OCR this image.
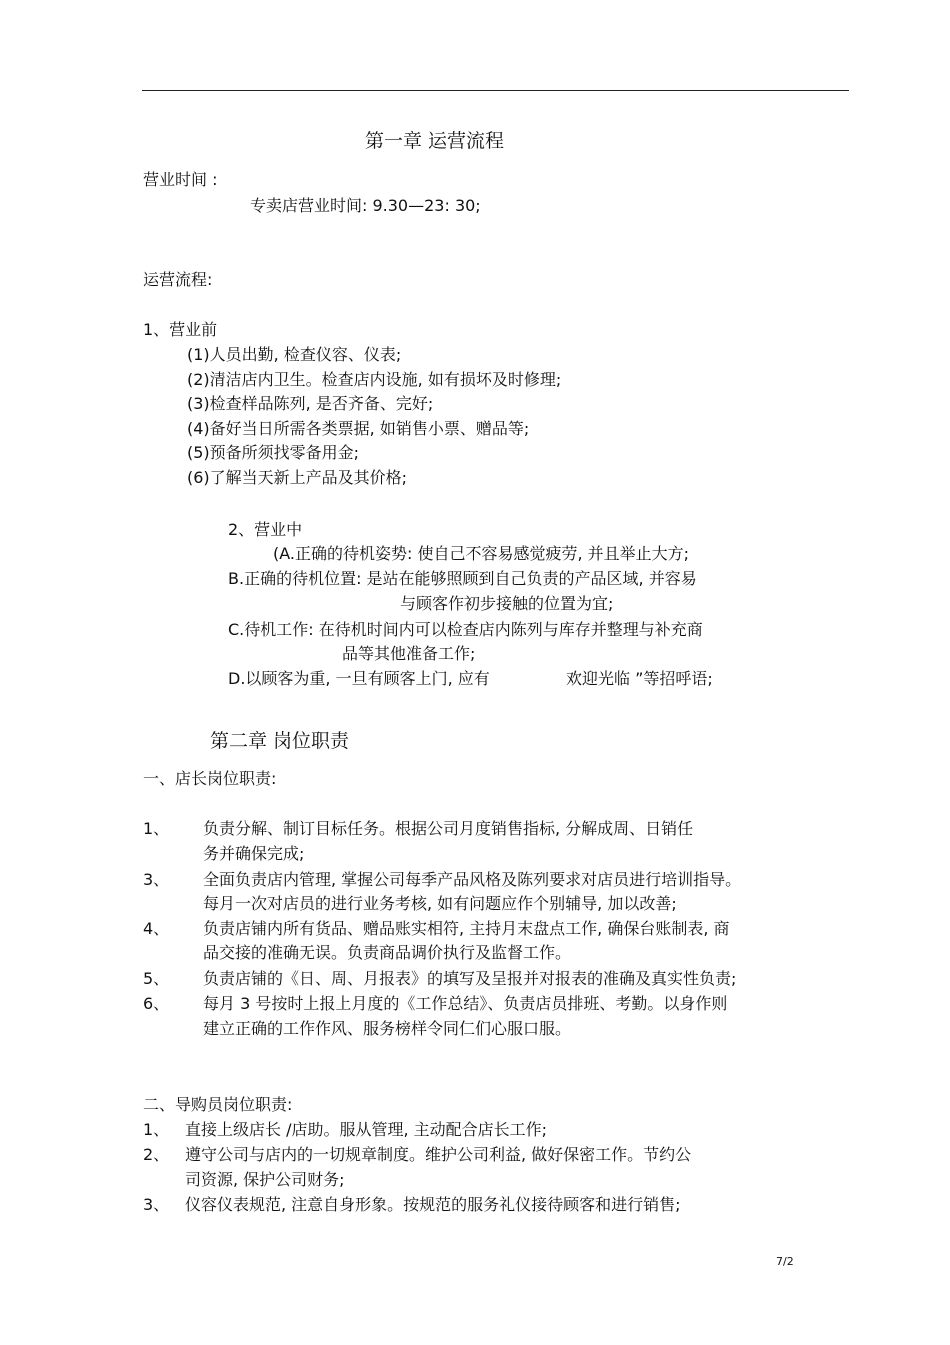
第一章 运营流程
营业时间 :
专卖店营业时间: 9.30—23: 30;
运营流程:
1、营业前
(1)人员出勤, 检查仪容、仪表;
(2)清洁店内卫生。检查店内设施, 如有损坏及时修理;
(3)检查样品陈列, 是否齐备、完好;
(4)备好当日所需各类票据, 如销售小票、赠品等;
(5)预备所须找零备用金;
(6)了解当天新上产品及其价格;
2、营业中
(A.正确的待机姿势: 使自己不容易感觉疲劳, 并且举止大方;
B.正确的待机位置: 是站在能够照顾到自己负责的产品区域, 并容易
与顾客作初步接触的位置为宜;
C.待机工作: 在待机时间内可以检查店内陈列与库存并整理与补充商
品等其他准备工作;
D.以顾客为重, 一旦有顾客上门, 应有	欢迎光临 ”等招呼语;
第二章 岗位职责
一、店长岗位职责:
1、 负责分解、制订目标任务。根据公司月度销售指标, 分解成周、日销任
务并确保完成;
3、 全面负责店内管理, 掌握公司每季产品风格及陈列要求对店员进行培训指导。
每月一次对店员的进行业务考核, 如有问题应作个别辅导, 加以改善;
4、 负责店铺内所有货品、赠品账实相符, 主持月末盘点工作, 确保台账制表, 商
品交接的准确无误。负责商品调价执行及监督工作。
5、 负责店铺的《日、周、月报表》的填写及呈报并对报表的准确及真实性负责;
6、 每月 3 号按时上报上月度的《工作总结》、负责店员排班、考勤。以身作则
建立正确的工作作风、服务榜样令同仁们心服口服。
二、导购员岗位职责:
1、 直接上级店长 /店助。服从管理, 主动配合店长工作;
2、 遵守公司与店内的一切规章制度。维护公司利益, 做好保密工作。节约公
司资源, 保护公司财务;
3、 仪容仪表规范, 注意自身形象。按规范的服务礼仪接待顾客和进行销售;
7/2
